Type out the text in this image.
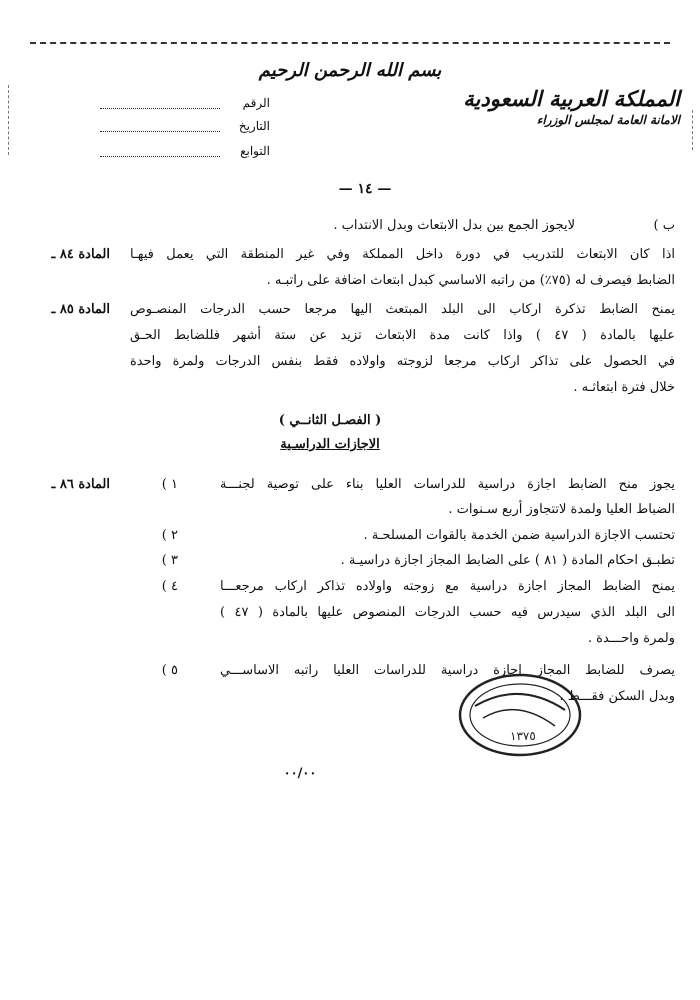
بسم الله الرحمن الرحيم
الرقم
التاريخ
التوابع
المملكة العربية السعودية
الامانة العامة لمجلس الوزراء
— ١٤ —
ب )
لايجوز الجمع بين بدل الابتعاث وبدل الانتداب .
المادة ٨٤ ـ اذا كان الابتعاث للتدريب في دورة داخل المملكة وفي غير المنطقة التي يعمل فيهـا
الضابط فيصرف له (٧٥٪) من راتبه الاساسي كبدل ابتعاث اضافة على راتبـه .
المادة ٨٥ ـ يمنح الضابط تذكرة اركاب الى البلد المبتعث اليها مرجعا حسب الدرجات المنصـوص
عليها بالمادة ( ٤٧ ) واذا كانت مدة الابتعاث تزيد عن ستة أشهر فللضابط الحـق
في الحصول على تذاكر اركاب مرجعا لزوجته واولاده فقط بنفس الدرجات ولمرة واحدة
خلال فترة ابتعاثـه .
( الفصـل الثانــي )
الاجازات الدراسـية
المادة ٨٦ ـ	١ )	يجوز منح الضابط اجازة دراسية للدراسات العليا بناء على توصية لجنـــة
الضباط العليا ولمدة لاتتجاوز أربع سـنوات .
٢ )	تحتسب الاجازة الدراسية ضمن الخدمة بالقوات المسلحـة .
٣ )	تطبـق احكام المادة ( ٨١ ) على الضابط المجاز اجازة دراسيـة .
٤ )	يمنح الضابط المجاز اجازة دراسية مع زوجته واولاده تذاكر اركاب مرجعـــا
الى البلد الذي سيدرس فيه حسب الدرجات المنصوص عليها بالمادة ( ٤٧ )
ولمرة واحـــدة .
٥ )	يصرف للضابط المجاز اجازة دراسية للدراسات العليا راتبه الاساســـي
وبدل السكن فقـــط .
١٣٧٥
٠٠/٠٠
